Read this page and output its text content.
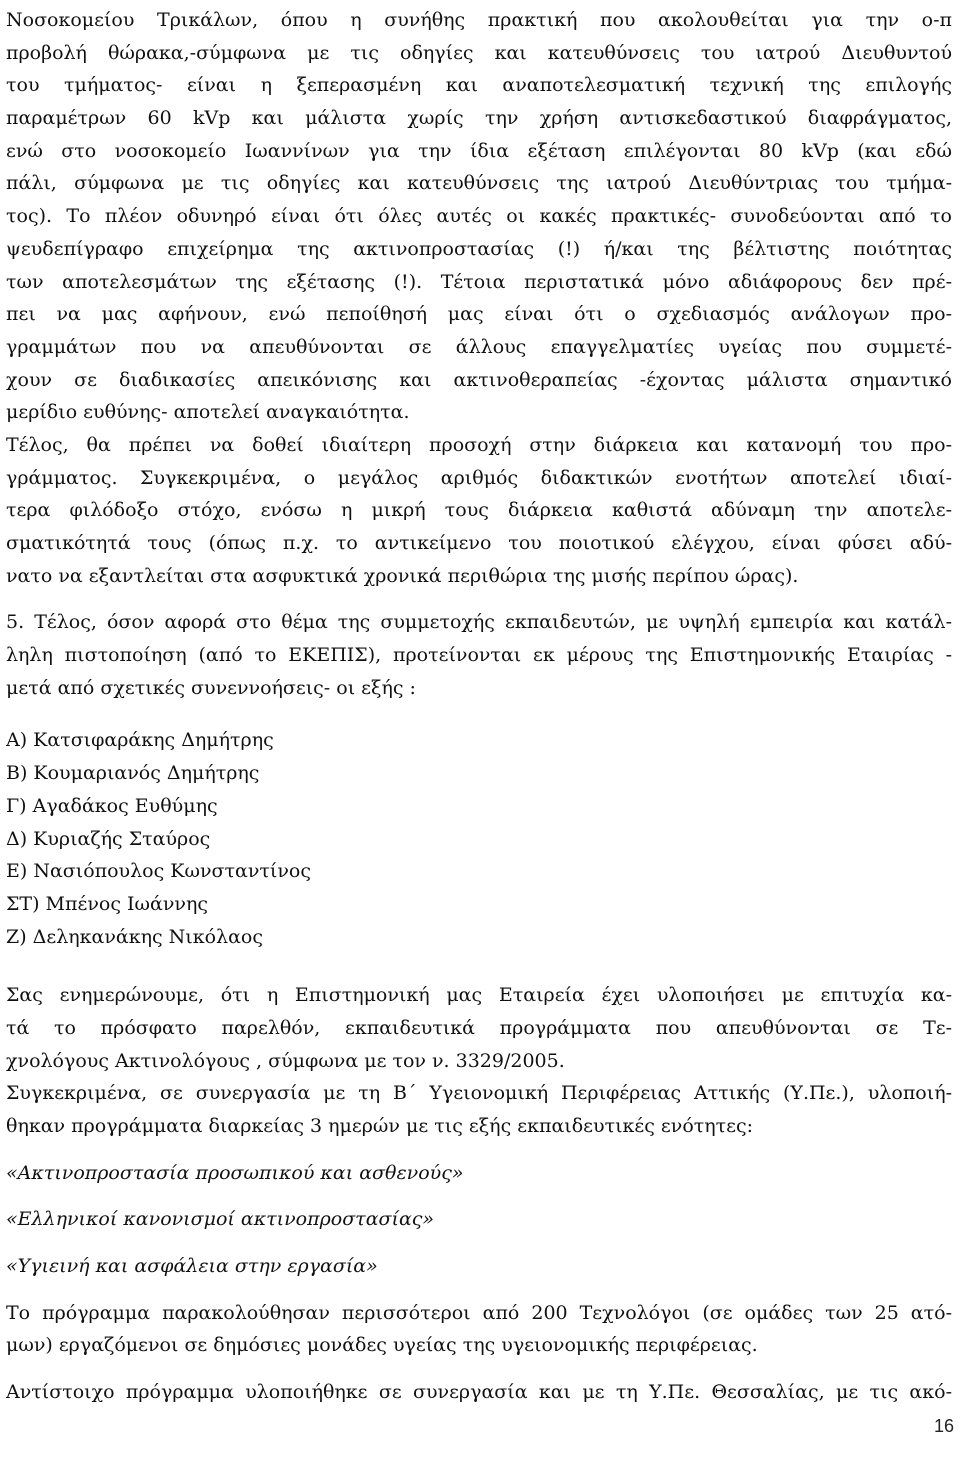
Νοσοκομείου Τρικάλων, όπου η συνήθης πρακτική που ακολουθείται για την ο-π

προβολή θώρακα,-σύμφωνα με τις οδηγίες και κατευθύνσεις του ιατρού Διευθυντού

του τμήματος- είναι η ξεπερασμένη και αναποτελεσματική τεχνική της επιλογής

παραμέτρων 60 kVp και μάλιστα χωρίς την χρήση αντισκεδαστικού διαφράγματος,

ενώ στο νοσοκομείο Ιωαννίνων για την ίδια εξέταση επιλέγονται 80 kVp (και εδώ

πάλι, σύμφωνα με τις οδηγίες και κατευθύνσεις της ιατρού Διευθύντριας του τμήμα-

τος). Το πλέον οδυνηρό είναι ότι όλες αυτές οι κακές πρακτικές- συνοδεύονται από το

ψευδεπίγραφο επιχείρημα της ακτινοπροστασίας (!) ή/και της βέλτιστης ποιότητας

των αποτελεσμάτων της εξέτασης (!). Τέτοια περιστατικά μόνο αδιάφορους δεν πρέ-

πει να μας αφήνουν, ενώ πεποίθησή μας είναι ότι ο σχεδιασμός ανάλογων προ-

γραμμάτων που να απευθύνονται σε άλλους επαγγελματίες υγείας που συμμετέ-

χουν σε διαδικασίες απεικόνισης και ακτινοθεραπείας -έχοντας μάλιστα σημαντικό

μερίδιο ευθύνης- αποτελεί αναγκαιότητα.

Τέλος, θα πρέπει να δοθεί ιδιαίτερη προσοχή στην διάρκεια και κατανομή του προ-

γράμματος. Συγκεκριμένα, ο μεγάλος αριθμός διδακτικών ενοτήτων αποτελεί ιδιαί-

τερα φιλόδοξο στόχο, ενόσω η μικρή τους διάρκεια καθιστά αδύναμη την αποτελε-

σματικότητά τους (όπως π.χ. το αντικείμενο του ποιοτικού ελέγχου, είναι φύσει αδύ-

νατο να εξαντλείται στα ασφυκτικά χρονικά περιθώρια της μισής περίπου ώρας).

5. Τέλος, όσον αφορά στο θέμα της συμμετοχής εκπαιδευτών, με υψηλή εμπειρία και κατάλ-

ληλη πιστοποίηση (από το ΕΚΕΠΙΣ), προτείνονται εκ μέρους της Επιστημονικής Εταιρίας -

μετά από σχετικές συνεννοήσεις- οι εξής :

Α) Κατσιφαράκης Δημήτρης

Β) Κουμαριανός Δημήτρης

Γ) Αγαδάκος Ευθύμης

Δ) Κυριαζής Σταύρος

Ε) Νασιόπουλος Κωνσταντίνος

ΣΤ) Μπένος Ιωάννης

Ζ) Δεληκανάκης Νικόλαος

Σας ενημερώνουμε, ότι η Επιστημονική μας Εταιρεία έχει υλοποιήσει με επιτυχία κα-

τά το πρόσφατο παρελθόν, εκπαιδευτικά προγράμματα που απευθύνονται σε Τε-

χνολόγους Ακτινολόγους , σύμφωνα με τον ν. 3329/2005.

Συγκεκριμένα, σε συνεργασία με τη Β΄ Υγειονομική Περιφέρειας Αττικής (Υ.Πε.), υλοποιή-

θηκαν προγράμματα διαρκείας 3 ημερών με τις εξής εκπαιδευτικές ενότητες:

«Ακτινοπροστασία προσωπικού και ασθενούς»

«Ελληνικοί κανονισμοί ακτινοπροστασίας»

«Υγιεινή και ασφάλεια στην εργασία»

Το πρόγραμμα παρακολούθησαν περισσότεροι από 200 Τεχνολόγοι (σε ομάδες των 25 ατό-

μων) εργαζόμενοι σε δημόσιες μονάδες υγείας της υγειονομικής περιφέρειας.

Αντίστοιχο πρόγραμμα υλοποιήθηκε σε συνεργασία και με τη Υ.Πε. Θεσσαλίας, με τις ακό-

16
